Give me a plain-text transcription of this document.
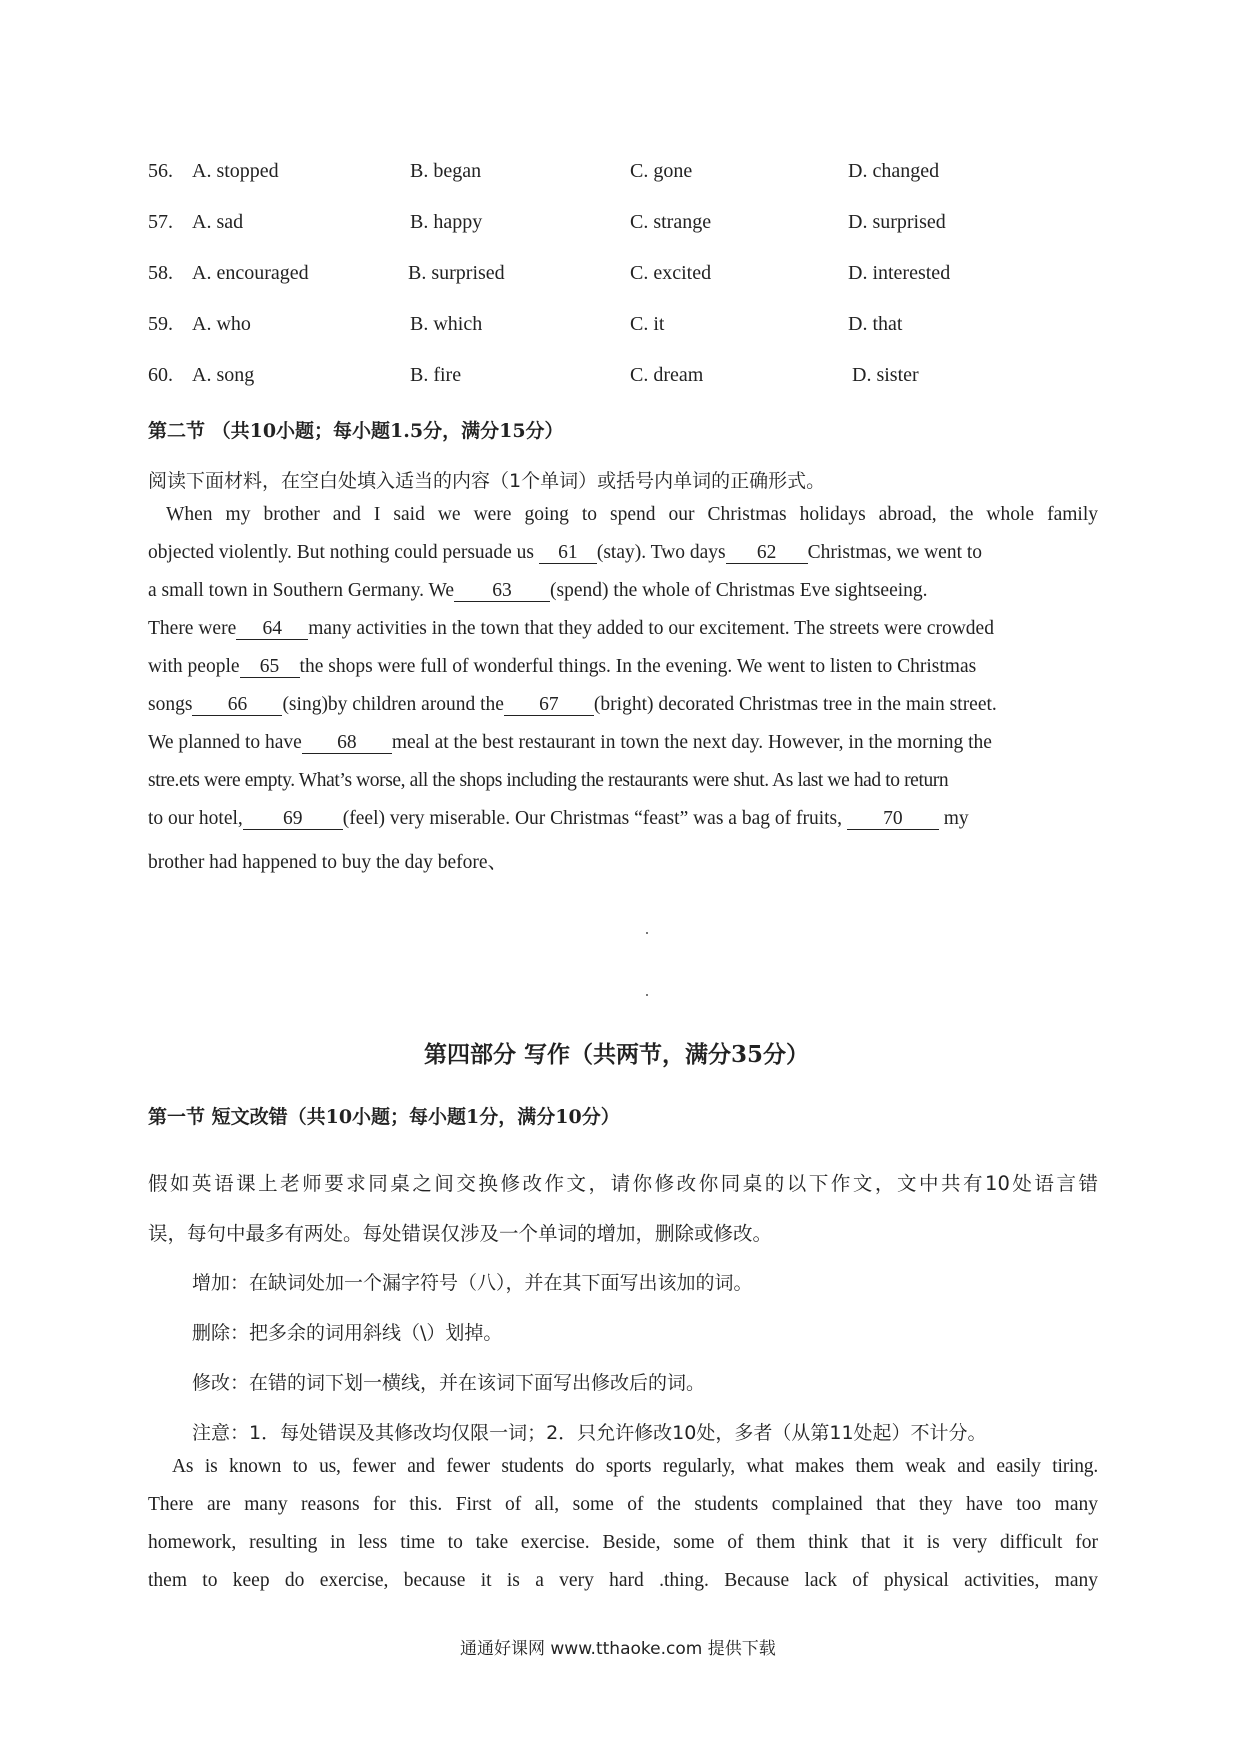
56. A. stopped	B. began	C. gone	D. changed
57. A. sad	B. happy	C. strange	D. surprised
58. A. encouraged	B. surprised	C. excited	D. interested
59. A. who	B. which	C. it	D. that
60. A. song	B. fire	C. dream	D. sister
第二节 （共10小题；每小题1.5分，满分15分）
阅读下面材料，在空白处填入适当的内容（1个单词）或括号内单词的正确形式。
When my brother and I said we were going to spend our Christmas holidays abroad, the whole family
objected violently. But nothing could persuade us 61 (stay). Two days 62 Christmas, we went to
a small town in Southern Germany. We 63 (spend) the whole of Christmas Eve sightseeing.
There were 64 many activities in the town that they added to our excitement. The streets were crowded
with people 65 the shops were full of wonderful things. In the evening. We went to listen to Christmas
songs 66 (sing)by children around the 67 (bright) decorated Christmas tree in the main street.
We planned to have 68 meal at the best restaurant in town the next day. However, in the morning the
stre.ets were empty. What’s worse, all the shops including the restaurants were shut. As last we had to return
to our hotel, 69 (feel) very miserable. Our Christmas “feast” was a bag of fruits, 70 my
brother had happened to buy the day before、
第四部分 写作（共两节，满分35分）
第一节 短文改错（共10小题；每小题1分，满分10分）
假如英语课上老师要求同桌之间交换修改作文，请你修改你同桌的以下作文，文中共有10处语言错
误，每句中最多有两处。每处错误仅涉及一个单词的增加，删除或修改。
增加：在缺词处加一个漏字符号（八），并在其下面写出该加的词。
删除：把多余的词用斜线（\）划掉。
修改：在错的词下划一横线，并在该词下面写出修改后的词。
注意：1．每处错误及其修改均仅限一词；2．只允许修改10处，多者（从第11处起）不计分。
As is known to us, fewer and fewer students do sports regularly, what makes them weak and easily tiring.
There are many reasons for this. First of all, some of the students complained that they have too many
homework, resulting in less time to take exercise. Beside, some of them think that it is very difficult for
them to keep do exercise, because it is a very hard .thing. Because lack of physical activities, many
通通好课网 www.tthaoke.com 提供下载
